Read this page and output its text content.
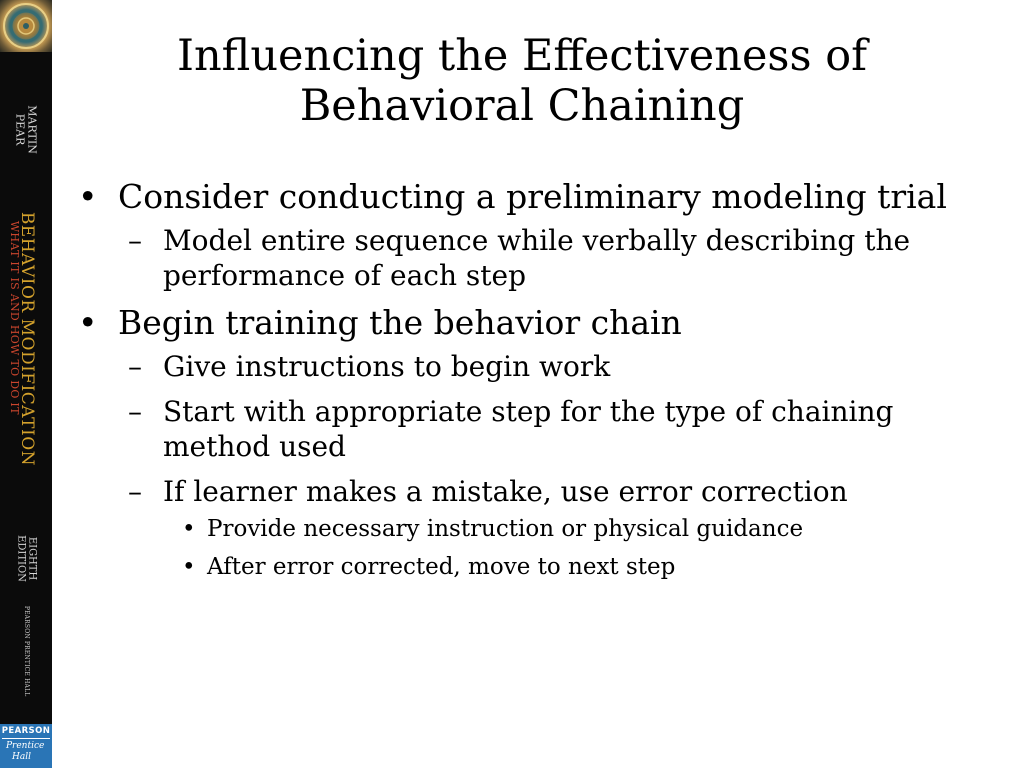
MARTIN
PEAR
BEHAVIOR MODIFICATION
WHAT IT IS AND HOW TO DO IT
EIGHTH
EDITION
PEARSON PRENTICE HALL
PEARSON
Prentice
Hall
Influencing the Effectiveness of
Behavioral Chaining
• Consider conducting a preliminary modeling trial
– Model entire sequence while verbally describing the performance of each step
• Begin training the behavior chain
– Give instructions to begin work
– Start with appropriate step for the type of chaining method used
– If learner makes a mistake, use error correction
• Provide necessary instruction or physical guidance
• After error corrected, move to next step
